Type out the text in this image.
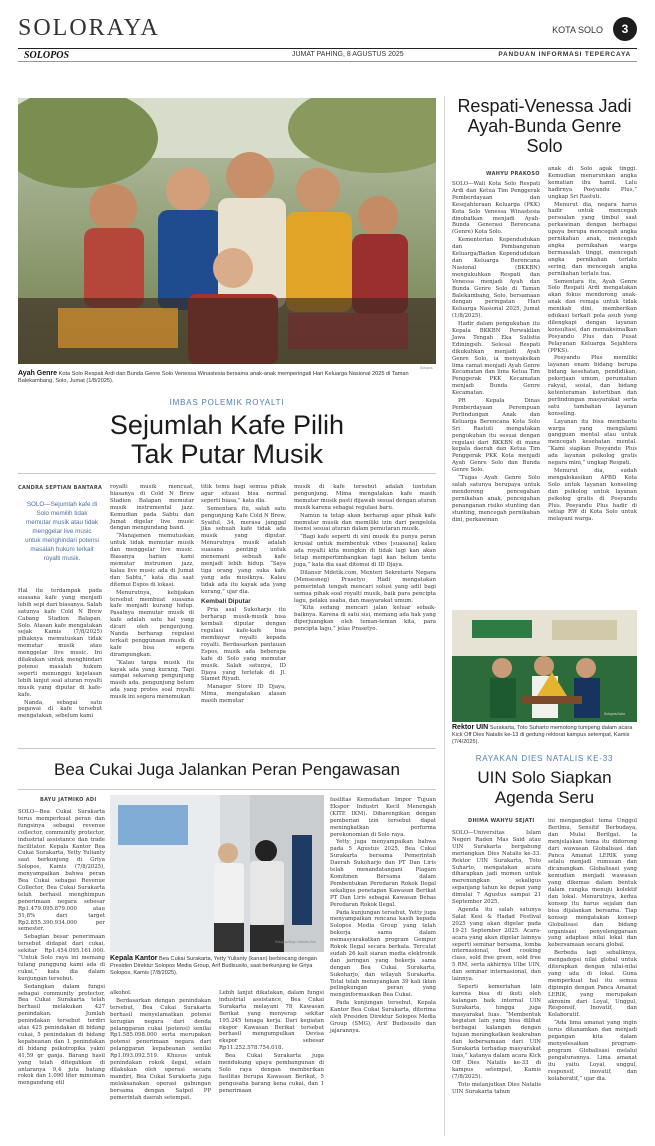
SOLORAYA	KOTA SOLO	3
SOLOPOS	JUMAT PAHING, 8 AGUSTUS 2025	PANDUAN INFORMASI TEPERCAYA
Solopos
Ayah Genre Kota Solo Respati Ardi dan Bunda Genre Solo Venessa Winastesia bersama anak-anak memperingati Hari Keluarga Nasional 2025 di Taman Balekambang, Solo, Jumat (1/8/2025).
Respati-Venessa Jadi Ayah-Bunda Genre Solo
WAHYU PRAKOSO

SOLO—Wali Kota Solo Respati Ardi dan Ketua Tim Penggerak Pemberdayaan dan Kesejahteraan Keluarga (PKK) Kota Solo Venessa Winastesia dinobatkan menjadi Ayah-Bunda Generasi Berencana (Genre) Kota Solo.

Kementerian Kependudukan dan Pembangunan Keluarga/Badan Kependudukan dan Keluarga Berencana Nasional (BKKBN) mengukuhkan Respati dan Venessa menjadi Ayah dan Bunda Genre Solo di Taman Balekambang, Solo, bersamaan dengan peringatan Hari Keluarga Nasional 2025, Jumat (1/8/2025).

Hadir dalam pengukuhan itu Kepala BKKBN Perwakilan Jawa Tengah Eka Sulistia Ediningsih. Selesai Respati dikukuhkan menjadi Ayah Genre Solo, ia menyaksikan lima camat menjadi Ayah Genre Kecamatan dan lima Ketua Tim Penggerak PKK Kecamatan menjadi Bunda Genre Kecamatan.

PR Kepala Dinas Pemberdayaan Perempuan Perlindungan Anak dan Keluarga Berencana Kota Solo Sri Rastuti mengatakan pengukuhan itu sesuai dengan regulasi dari BKKBN di mana kepala daerah dan Ketua Tim Penggerak PKK Kota menjadi Ayah Genre Solo dan Bunda Genre Solo.

“Tugas Ayah Genre Solo salah satunya berupaya untuk mendorong pencegahan pernikahan anak, pencegahan penanganan risiko stunting dan stunting, mencegah pernikahan dini, perkawinan

anak di Solo agak tinggi. Kemudian menurunkan angka kematian ibu hamil. Lalu hadirnya Posyandu Plus,” ungkap Sri Rastuti.

Menurut dia, negara harus hadir untuk mencegah persoalan yang timbul saat perkawinan dengan berbagai upaya berupa mencegah angka pernikahan anak, mencegah angka pernikahan warga bermasalah tinggi, mencegah angka pernikahan terlalu sering, dan mencegah angka pernikahan terlalu tua.

Sementara itu, Ayah Genre Solo Respati Ardi mengatakan akan fokus mendorong anak-anak dan remaja untuk tidak menikah dini, memberikan edukasi terkait pola asuh yang dilengkapi dengan layanan konsultasi, dan memaksimalkan Posyandu Plus dan Pusat Pelayanan Keluarga Sejahtera (PPKS).

Posyandu Plus memiliki layanan enam bidang berupa bidang kesehatan, pendidikan, pekerjaan umum, perumahan rakyat, sosial, dan bidang ketenteraman ketertiban dan perlindungan masyarakat serta satu tambahan layanan konseling.

Layanan itu bisa membantu warga yang mengalami gangguan mental atau untuk mencegah kesehatan mental. “Kami siapkan Posyandu Plus ada layanan psikolog gratis negara mini,” ungkap Respati.

Menurut dia, sudah mengalokasikan APBD Kota Solo untuk layanan konseling dan psikolog untuk layanan psikolog gratis di Posyandu Plus. Posyandu Plus hadir di setiap RW di Kota Solo untuk melayani warga.

IMBAS POLEMIK ROYALTI
Sejumlah Kafe Pilih
Tak Putar Musik
CANDRA SEPTIAN BANTARA
SOLO—Sejumlah kafe di Solo memilih tidak memutar musik atau tidak menggelar live music untuk menghindari potensi masalah hukum terkait royalti musik.

Hal itu terdampak pada suasana kafe yang menjadi lebih sepi dari biasanya. Salah satunya kafe Cold N Brew Cabang Stadion Balapan, Solo. Atasan kafe mengatakan sejak Kamis (7/8/2025) pihaknya memutuskan tidak memutar musik atau menggelar live music. Ini dilakukan untuk menghindari potensi masalah hukum seperti menunggu kejelasan lebih lanjut soal aturan royalti musik yang diputar di kafe-kafe.

Nanda, sebagai satu pegawai di kafe tersebut mengatakan, sebelum kami

royalti musik mencuat, biasanya di Cold N Brew Stadion Balapan memutar musik instrumental jazz. Kemudian pada Sabtu dan Jumat digelar live music dengan mengundang band.

“Manajemen memutuskan untuk tidak memutar musik dan menggelar live music. Biasanya harian kami memutar instrumen jazz, kalau live music ada di Jumat dan Sabtu,” kata dia saat ditemui Espos di lokasi.

Menurutnya, kebijakan tersebut membuat suasana kafe menjadi kurang hidup. Pasalnya memutar musik di kafe adalah satu hal yang dicari oleh pengunjung. Nanda berharap regulasi terkait penggunaan musik di kafe bisa segera dirampungkan.

“Kalau tanpa musik itu kayak ada yang kurang. Tapi sampai sekarang pengunjung masih ada, pengunjung belum ada yang protes soal royalti musik ini segera menemukan

titik temu bagi semua pihak agar situasi bisa normal seperti biasa,” kata dia.

Sementara itu, salah satu pengunjung Kafe Cold N Brew, Syaiful, 34, merasa janggal jika sebuah kafe tidak ada musik yang diputar. Menurutnya musik adalah suasana penting untuk menemani sebuah kafe menjadi lebih hidup. “Saya tiga orang yang suka kafe yang ada musiknya. Kalau tidak ada itu kayak ada yang kurang,” ujar dia.

Kembali Diputar

Pria asal Sukoharjo itu berharap musik-musik bisa kembali diputar dengan regulasi kafe-kafe bisa membayar royalti kepada royalti. Berdasarkan pantauan Espos, musik ada beberapa kafe di Solo yang memutar musik. Salah satunya, ID Djaya yang terletak di Jl. Slamet Riyadi.

Manager Store ID Djaya, Mima, mengatakan alasan masih memutar

musik di kafe tersebut adalah tuntutan pengunjung. Mima mengatakan kafe masih memutar musik pasti dijawab sesuai dengan aturan musik karena sebagai regulasi baru.

Namun ia tetap akan berharap agar pihak kafe memutar musik dan memiliki izin dari pengelola lisensi sesuai aturan dalam pemutaran musik.

“Bagi kafe seperti di sini musik itu punya peran krusial untuk membentuk vibes [suasana] kalau ada royalti kita mungkin di tidak lagi kan akan tetap mempertimbangkan tapi kan belum tentu juga,” kata dia saat ditemui di ID Djaya.

Dilansir Mdetik.com, Menteri Sekretaris Negara (Mensesneg) Prasetyo Hadi mengatakan pemerintah tengah mencari solusi yang adil bagi semua pihak soal royalti musik, baik para pencipta lagu, pelaku usaha, dan masyarakat umum.

“Kita sedang mencari jalan keluar sebaik-baiknya. Karena di satu sisi, memang ada hak yang diperjuangkan oleh teman-teman kita, para pencipta lagu,” jelas Prasetyo.

Solopos/Joko
Rektor UIN Surakarta, Toto Suharto memotong tumpeng dalam acara Kick Off Dies Natalis ke-13 di gedung rektorat kampus setempat, Kamis (7/4/2025).
Bea Cukai Juga Jalankan Peran Pengawasan
BAYU JATMIKO ADI

SOLO—Bea Cukai Surakarta terus memperkuat peran dan fungsinya sebagai revenue collector, community protector, industrial assistance dan trade facilitator. Kepala Kantor Bea Cukai Surakarta, Yetty Yulianty saat berkunjung di Griya Solopos, Kamis (7/8/2025), menyampaikan bahwa peran Bea Cukai sebagai Revenue Collector, Bea Cukai Surakarta telah berhasil menghimpun penerimaan negara sebesar Rp1.479.095.879.000 atau 51,8% dari target Rp2.855.390.934.000 per semester.

Sebagian besar penerimaan tersebut didapat dari cukai, sekitar Rp1.454.095.161.000. “Untuk Solo raya ini memang tulang punggung kami ada di cukai,” kata dia dalam kunjungan tersebut.

Sedangkan dalam fungsi sebagai community protector, Bea Cukai Surakarta telah berhasil melakukan 427 penindakan. Jumlah penindakan tersebut terdiri atas 425 penindakan di bidang cukai, 5 penindakan di bidang kepabeanan dan 1 penindakan di bidang psikotropika yakni 41,59 gr ganja. Barang hasil yang telah ditegahkan di antaranya 9,4 juta batang rokok dan 1.090 liter minuman mengandung etil

Solopos/Bayu Jatmiko Adi
Kepala Kantor Bea Cukai Surakarta, Yetty Yulianty (kanan) berbincang dengan Presiden Direktur Solopos Media Group, Arif Budisusilo, saat berkunjung ke Griya Solopos, Kamis (7/8/2025).

alkohol.

Berdasarkan dengan penindakan tersebut, Bea Cukai Surakarta berhasil menyelamatkan potensi kerugian negara dari denda pelanggaran cukai (potensi) senilai Rp1.585.098.000 serta merupakan potensi penerimaan negara dari pelanggaran kepabeanan senilai Rp1.093.092.519. Khusus untuk penindakan rokok ilegal, selain dilakukan oleh operasi secara mandiri, Bea Cukai Surakarta juga melaksanakan operasi gabungan bersama dengan Satpol PP pemerintah daerah setempat.

Lebih lanjut dikatakan, dalam fungsi industrial assistance, Bea Cukai Surakarta melayani 78 Kawasan Berikat yang menyerap sekitar 195.245 tenaga kerja. Dari kegiatan ekspor Kawasan Berikat tersebut berhasil mengumpulkan Devisa ekspor sebesar Rp11.252.578.754.018.

Bea Cukai Surakarta juga mendukung upaya pembangunan di Solo raya dengan memberikan fasilitas berupa Kawasan Berikat, 5 pengusaha barang kena cukai, dan 1 penerimaan

fasilitas Kemudahan Impor Tujuan Ekspor Industri Kecil Menengah (KITE IKM). Dibarengikan dengan pemberian izin tersebut dapat meningkatkan performa perekonomian di Solo raya.

Yetty juga menyampaikan bahwa pada 5 Agustus 2025, Bea Cukai Surakarta bersama Pemerintah Daerah Sukoharjo dan PT Dan Liris telah menandatangani Piagam Komitmen Bersama dalam Pembentukan Peredaran Rokok Ilegal sekaligus penetapan Kawasan Berikat PT Dan Liris sebagai Kawasan Bebas Peredaran Rokok Ilegal.

Pada kunjungan tersebut, Yetty juga menyampaikan rencana kasih kepada Solopos Media Group yang telah bekerja sama dalam memasyarakatkan program Gempur Rokok Ilegal secara berkala. Tercatat sudah 26 kali siaran media elektronik dan jaringan yang bekerja sama dengan Bea Cukai Surakarta, Sukoharjo, dan wilayah Surakarta. Total telah menayangkan 39 kali iklan pelingkungan peran yang menginformasikan Bea Cukai.

Pada kunjungan tersebut, Kepala Kantor Bea Cukai Surakarta, diterima oleh Presiden Direktur Solopos Media Group (SMG), Arif Budisusilo dan jajarannya.

RAYAKAN DIES NATALIS KE-33
UIN Solo Siapkan Agenda Seru
DHIMA WAHYU SEJATI

SOLO—Universitas Islam Negeri Raden Mas Said atau UIN Surakarta bergabung meriangkan Dies Natalis ke-33. Rektor UIN Surakarta, Toto Suharto, mengatakan acara diharapkan jadi momen untuk merenungkan sekaligus sepanjang tahun ke depan yang dimulai 7 Agustus sampai 21 September 2025.

Agenda itu salah satunya Salat Kesi & Hadad Festival 2025 yang akan digelar pada 19-21 September 2025. Acara-acara yang akan digelar lainnya seperti seminar bersama, lomba internasional, food cooking class, sold free green, sold free 5 RM, serta akhirnya Ulbe UIN, dan seminar internasional, dan lainnya.

Seperti kemeriahan lain karena bisa di ikuti oleh kalangan baik internal UIN Surakarta, hingga juga masyarakat luas. “Membentuk kegiatan lain yang bisa dilihat berbagai kalangan dengan tujuan meningkatkan keakraban dan kebersamaan dari UIN Surakarta terhadap masyarakat luas,” katanya dalam acara Kick Off Dies Natalis ke-33 di kampus setempat, Kamis (7/8/2025).

Toto melanjutkan Dies Natalis UIN Surakarta tahun

ini mengangkat tema Unggul Berilmu, Sensitif Berbudaya, dan Mulai Berilgat. Ia menjelaskan tema itu didorong dari wawasan Globalisasi dan Panca Amanat LERIK yang selalu menjadi rumusan dan dicanangkan. Globalisasi yang kemudian menjadi wawasan yang dikemas dalam bentuk dalam rangka menuju kolektif dan lokal. Menurutnya, kedua konsep itu harus sejalan dan bisa dijalankan bersama. Tiap konsep mengatakan konsep Globalisasi dan bidang organisasi penyelenggaraan yang adaptasi nilai lokal dan kebersamaan secara global.

Berbeda lagi sebaliknya, mengadopsi nilai global untuk diterapkan dengan nilai-nilai yang ada di lokal. Guna memperkuat hal itu semua dipimpin dengan Panca Amanat LERIK, yang merupakan akronim dari Loyal, Unggul, Responsif, Inovatif, dan Kolaboratif.

“Ada lima amanat yang ingin terus ditanamkan dan menjadi pegangan kita dalam menyelesaikan program-program Globalisasi melalui pengaturannya. Lima amanat itu yaitu Loyal, unggul, responsif, inovatif, dan kolaboratif,” ujar dia.
